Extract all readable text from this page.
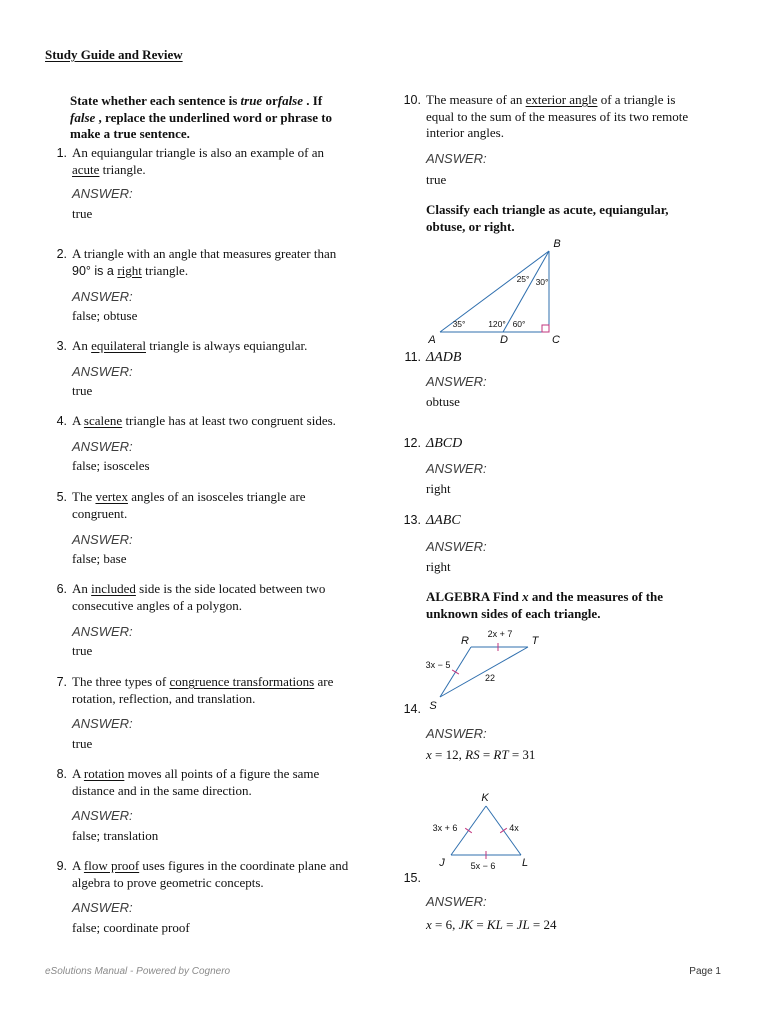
Study Guide and Review
State whether each sentence is true orfalse . If
false , replace the underlined word or phrase to
make a true sentence.
1. An equiangular triangle is also an example of an
acute triangle.
ANSWER:
true
2. A triangle with an angle that measures greater than
90° is a right triangle.
ANSWER:
false; obtuse
3. An equilateral triangle is always equiangular.
ANSWER:
true
4. A scalene triangle has at least two congruent sides.
ANSWER:
false; isosceles
5. The vertex angles of an isosceles triangle are
congruent.
ANSWER:
false; base
6. An included side is the side located between two
consecutive angles of a polygon.
ANSWER:
true
7. The three types of congruence transformations are
rotation, reflection, and translation.
ANSWER:
true
8. A rotation moves all points of a figure the same
distance and in the same direction.
ANSWER:
false; translation
9. A flow proof uses figures in the coordinate plane and
algebra to prove geometric concepts.
ANSWER:
false; coordinate proof
10. The measure of an exterior angle of a triangle is
equal to the sum of the measures of its two remote
interior angles.
ANSWER:
true
Classify each triangle as acute, equiangular,
obtuse, or right.
B
A	D	C
25° 30°
35°	120° 60°
11. ΔADB
ANSWER:
obtuse
12. ΔBCD
ANSWER:
right
13. ΔABC
ANSWER:
right
ALGEBRA Find x and the measures of the
unknown sides of each triangle.
R	T
S
2x + 7
3x − 5
22
14.
ANSWER:
x = 12, RS = RT = 31
K
J	L
3x + 6	4x
5x − 6
15.
ANSWER:
x = 6, JK = KL = JL = 24
eSolutions Manual - Powered by Cognero	Page 1
